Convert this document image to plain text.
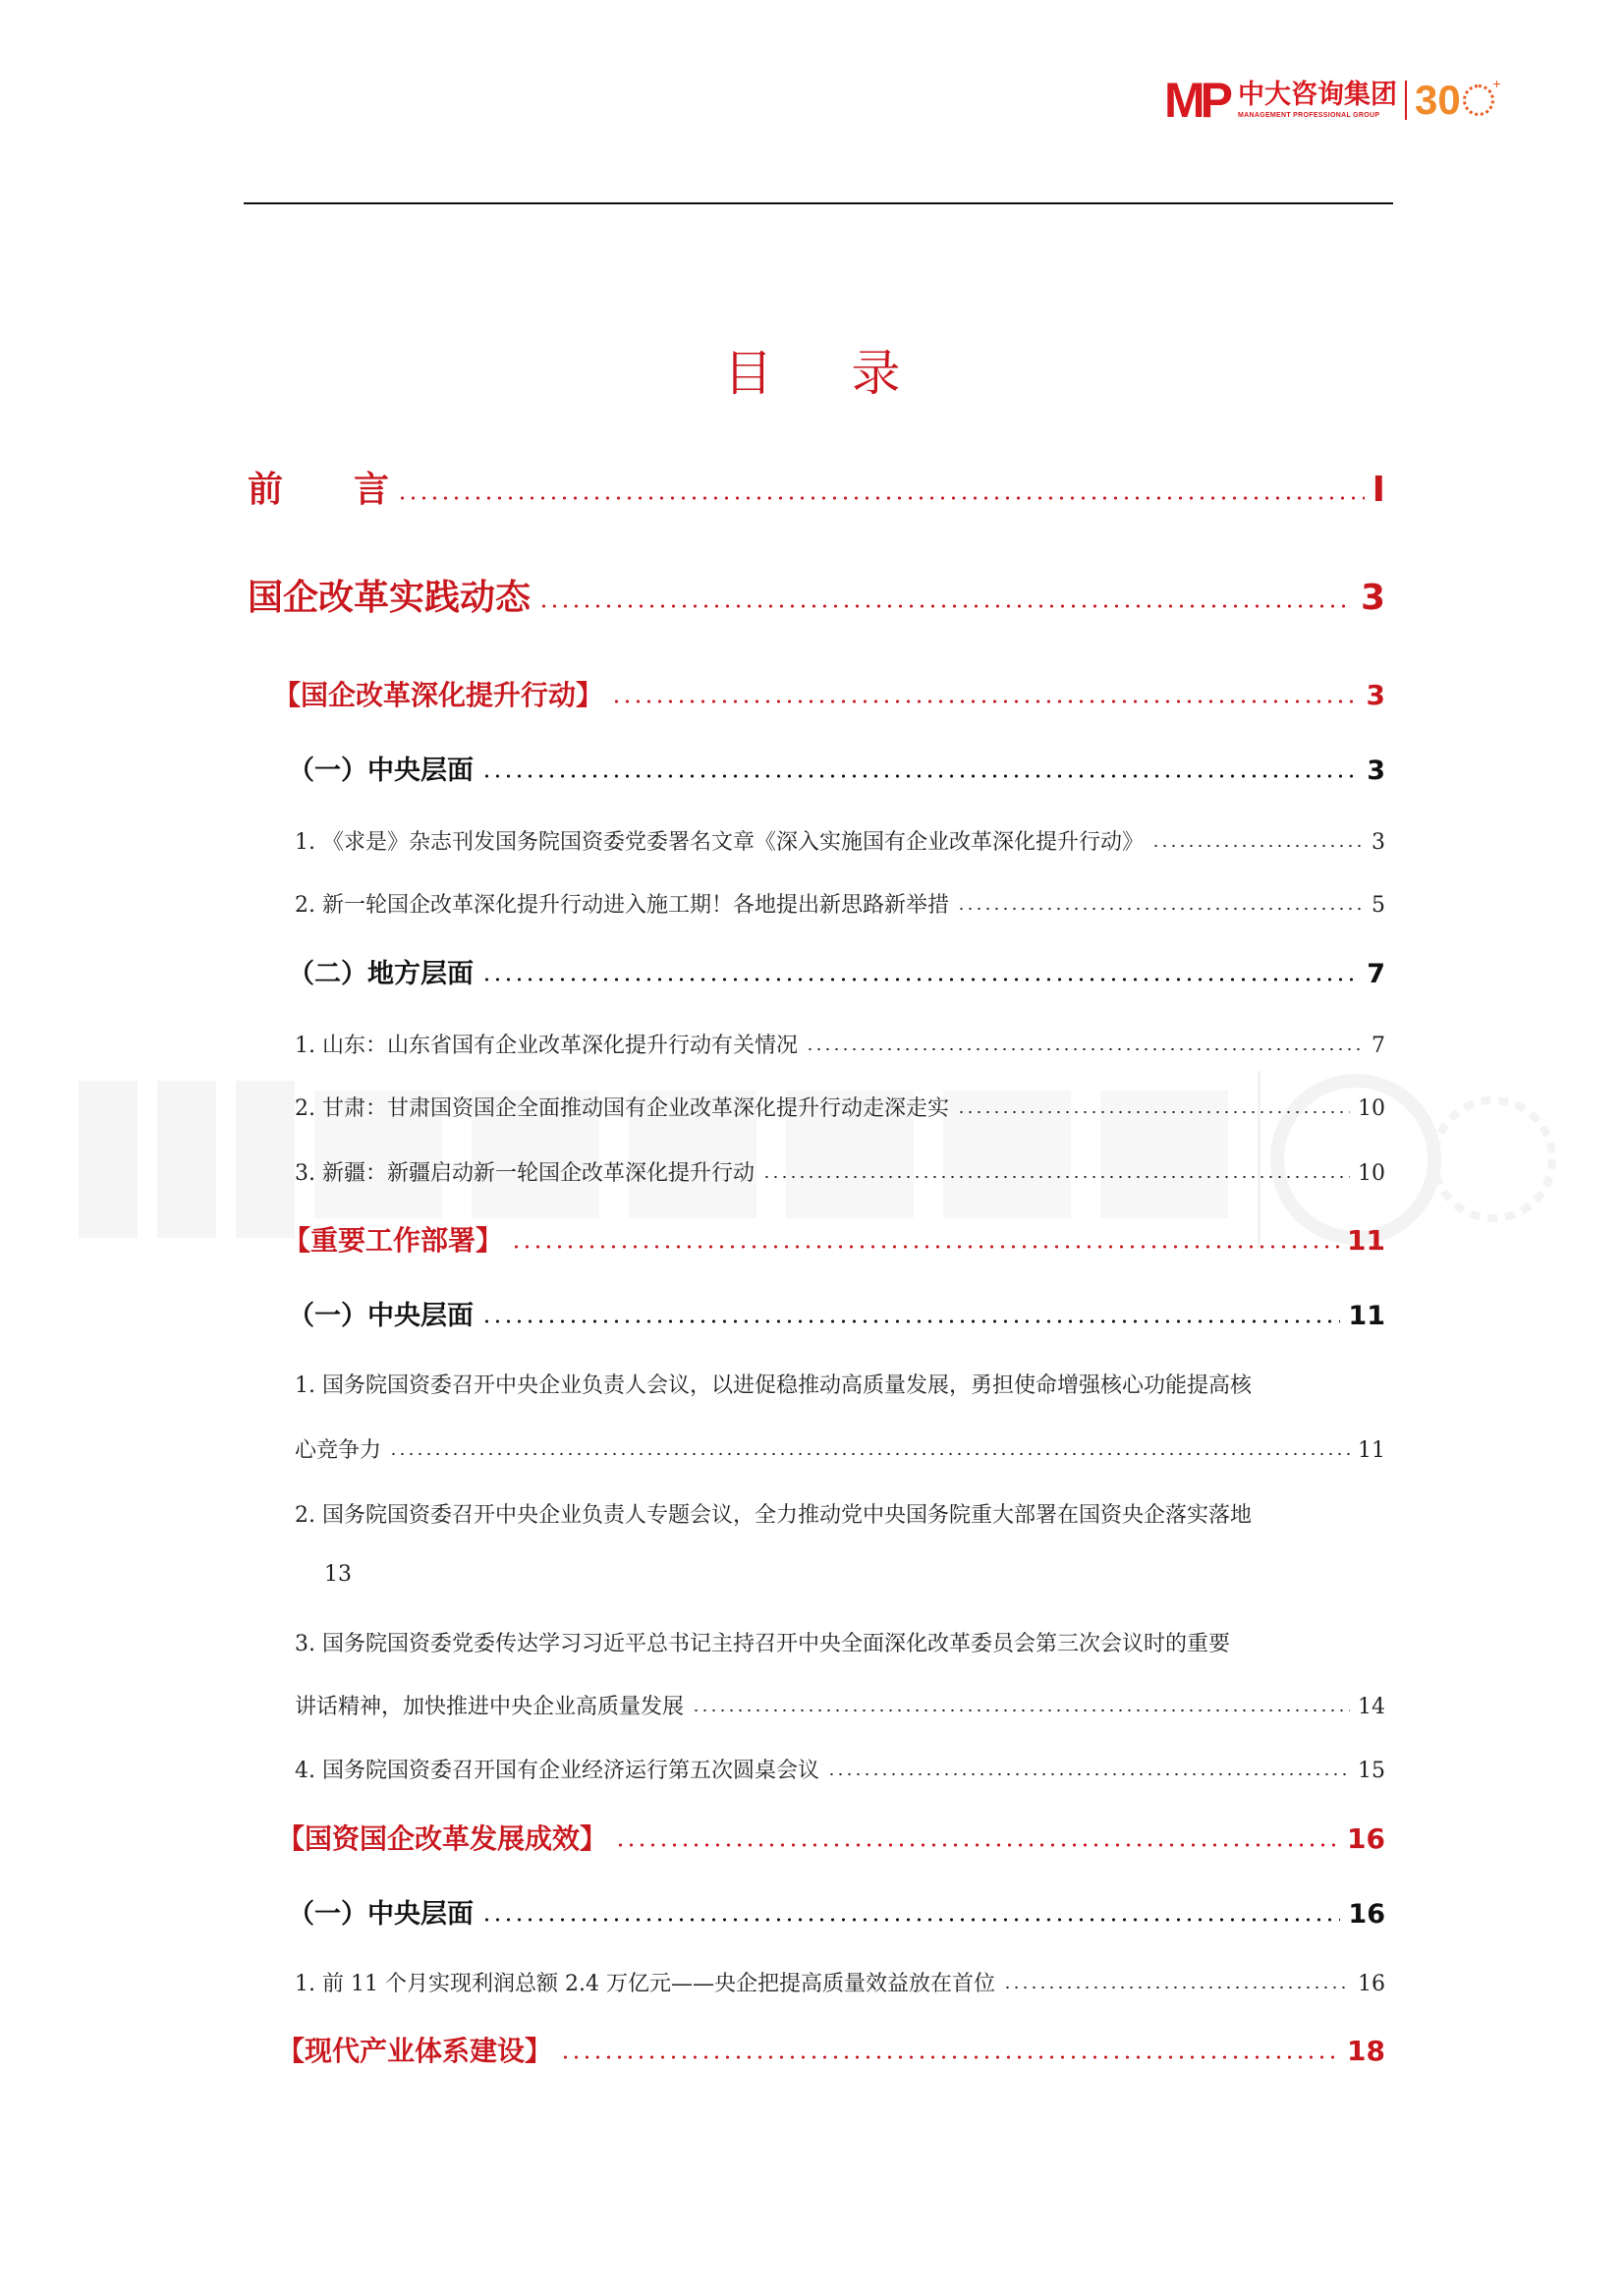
MP 中大咨询集团
MANAGEMENT PROFESSIONAL GROUP 30 +
目录
前　　言	I
国企改革实践动态	3
【国企改革深化提升行动】	3
（一）中央层面	3
1. 《求是》杂志刊发国务院国资委党委署名文章《深入实施国有企业改革深化提升行动》	3
2. 新一轮国企改革深化提升行动进入施工期！各地提出新思路新举措	5
（二）地方层面	7
1. 山东：山东省国有企业改革深化提升行动有关情况	7
2. 甘肃：甘肃国资国企全面推动国有企业改革深化提升行动走深走实	10
3. 新疆：新疆启动新一轮国企改革深化提升行动	10
【重要工作部署】	11
（一）中央层面	11
1. 国务院国资委召开中央企业负责人会议，以进促稳推动高质量发展，勇担使命增强核心功能提高核
心竞争力	11
2. 国务院国资委召开中央企业负责人专题会议，全力推动党中央国务院重大部署在国资央企落实落地
13
3. 国务院国资委党委传达学习习近平总书记主持召开中央全面深化改革委员会第三次会议时的重要
讲话精神，加快推进中央企业高质量发展	14
4. 国务院国资委召开国有企业经济运行第五次圆桌会议	15
【国资国企改革发展成效】	16
（一）中央层面	16
1. 前 11 个月实现利润总额 2.4 万亿元——央企把提高质量效益放在首位	16
【现代产业体系建设】	18
